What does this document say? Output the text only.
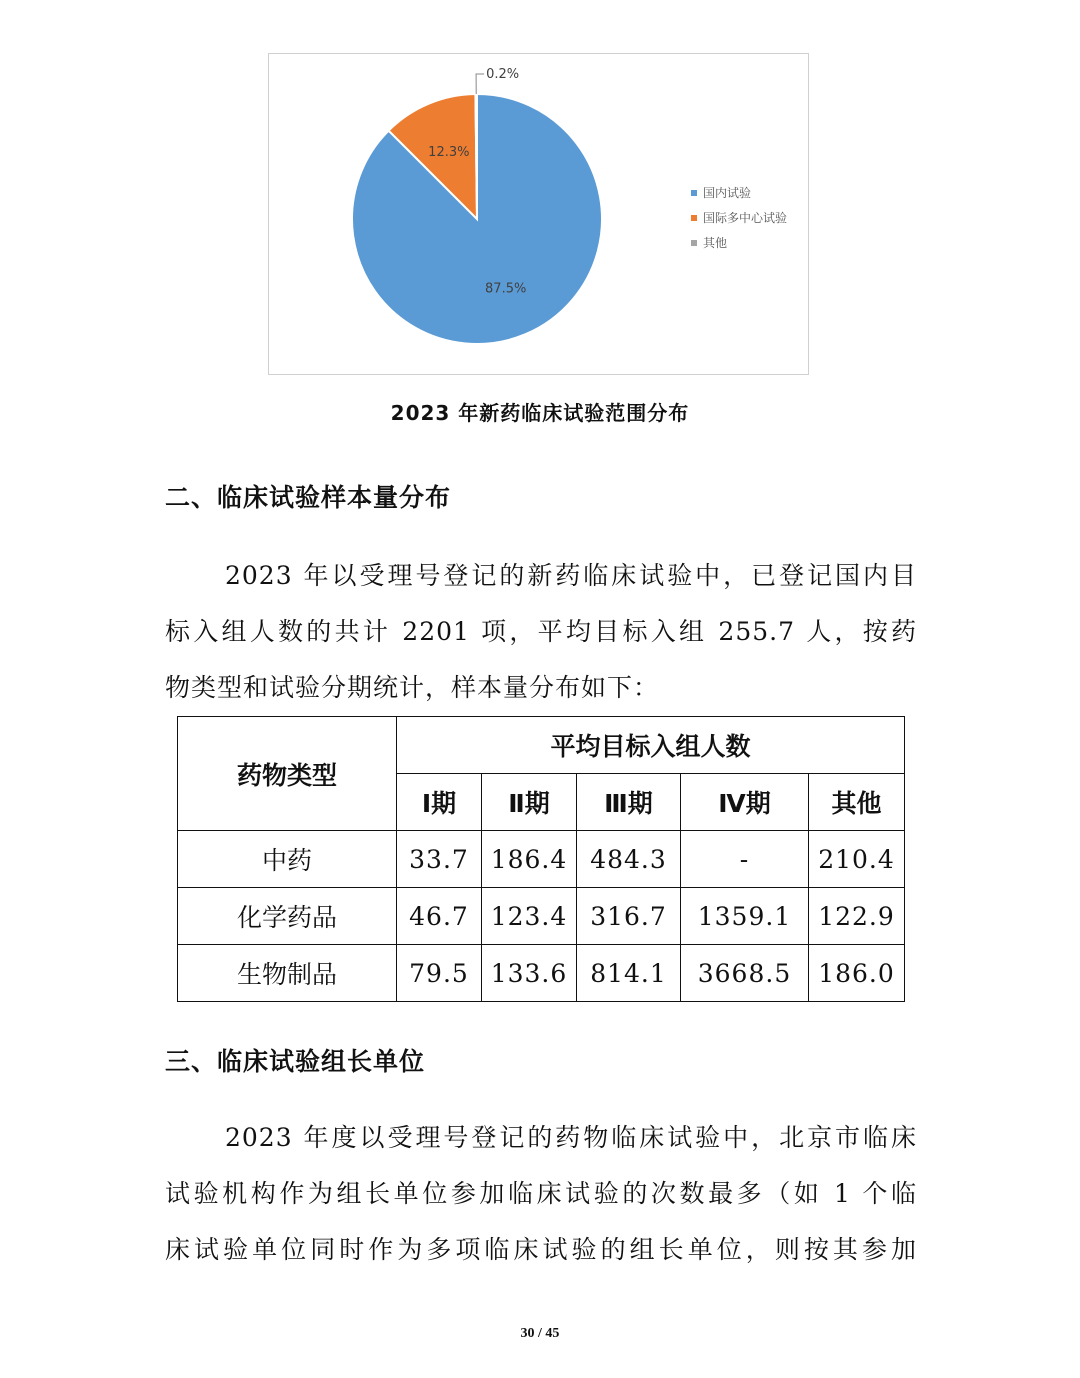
87.5%
12.3%
0.2%
国内试验
国际多中心试验
其他
2023 年新药临床试验范围分布
二、临床试验样本量分布
2023 年以受理号登记的新药临床试验中，已登记国内目
标入组人数的共计 2201 项，平均目标入组 255.7 人，按药
物类型和试验分期统计，样本量分布如下：
药物类型	平均目标入组人数				
	Ⅰ期	Ⅱ期	Ⅲ期	Ⅳ期	其他
中药	33.7	186.4	484.3	-	210.4
化学药品	46.7	123.4	316.7	1359.1	122.9
生物制品	79.5	133.6	814.1	3668.5	186.0
三、临床试验组长单位
2023 年度以受理号登记的药物临床试验中，北京市临床
试验机构作为组长单位参加临床试验的次数最多（如 1 个临
床试验单位同时作为多项临床试验的组长单位，则按其参加
30 / 45
